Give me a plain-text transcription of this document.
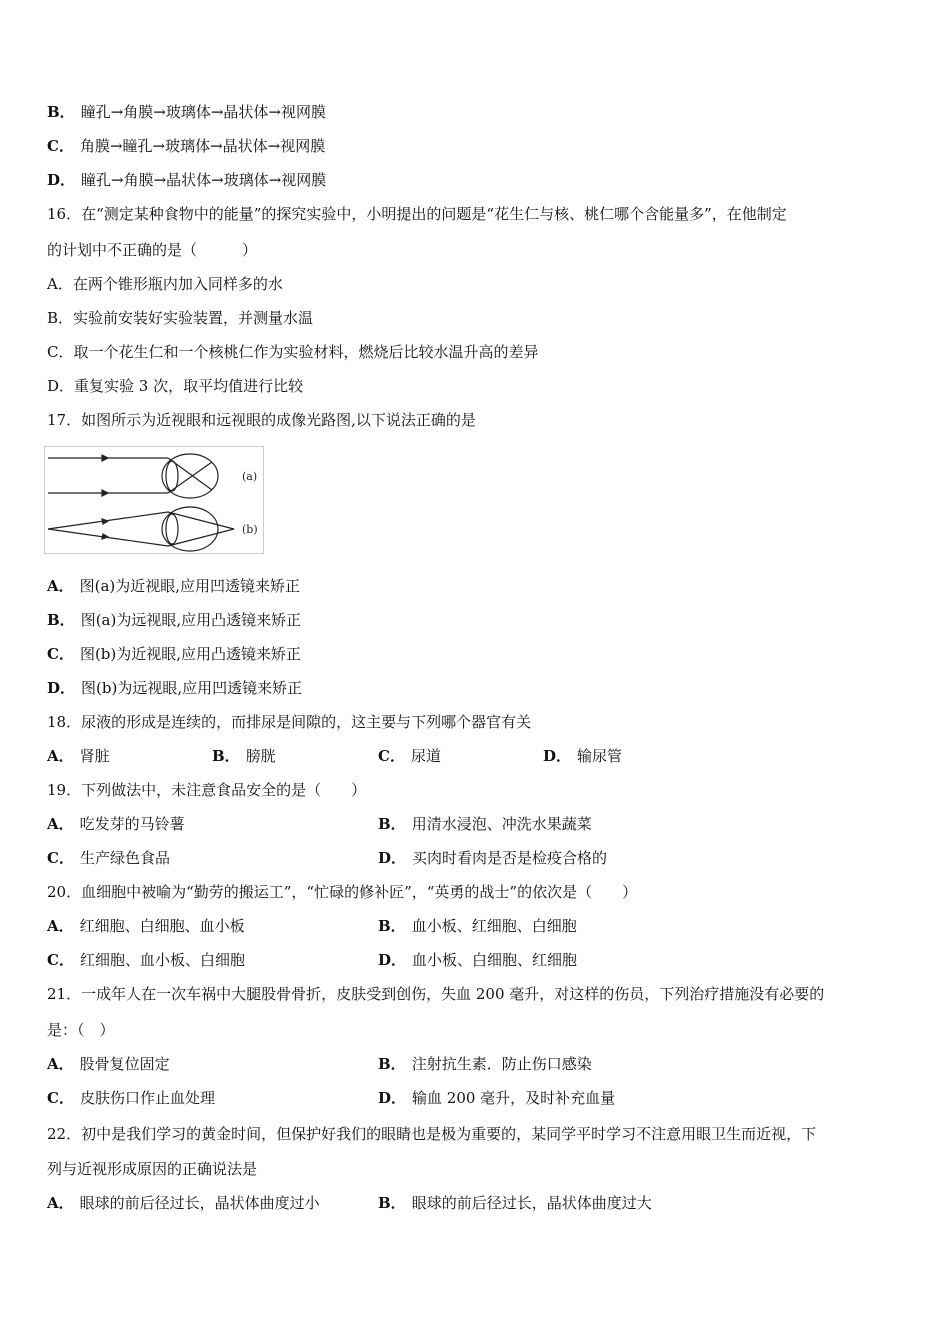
B． 瞳孔→角膜→玻璃体→晶状体→视网膜
C． 角膜→瞳孔→玻璃体→晶状体→视网膜
D． 瞳孔→角膜→晶状体→玻璃体→视网膜
16．在“测定某种食物中的能量”的探究实验中，小明提出的问题是“花生仁与核、桃仁哪个含能量多”，在他制定
的计划中不正确的是（　　　）
A．在两个锥形瓶内加入同样多的水
B．实验前安装好实验装置，并测量水温
C．取一个花生仁和一个核桃仁作为实验材料，燃烧后比较水温升高的差异
D．重复实验 3 次，取平均值进行比较
17．如图所示为近视眼和远视眼的成像光路图,以下说法正确的是
(a)
(b)
A． 图(a)为近视眼,应用凹透镜来矫正
B． 图(a)为远视眼,应用凸透镜来矫正
C． 图(b)为近视眼,应用凸透镜来矫正
D． 图(b)为远视眼,应用凹透镜来矫正
18．尿液的形成是连续的，而排尿是间隙的，这主要与下列哪个器官有关
A． 肾脏	B． 膀胱	C． 尿道	D． 输尿管
19．下列做法中，未注意食品安全的是（　　）
A． 吃发芽的马铃薯	B． 用清水浸泡、冲洗水果蔬菜
C． 生产绿色食品	D． 买肉时看肉是否是检疫合格的
20．血细胞中被喻为“勤劳的搬运工”，“忙碌的修补匠”，“英勇的战士”的依次是（　　）
A． 红细胞、白细胞、血小板	B． 血小板、红细胞、白细胞
C． 红细胞、血小板、白细胞	D． 血小板、白细胞、红细胞
21．一成年人在一次车祸中大腿股骨骨折，皮肤受到创伤，失血 200 毫升，对这样的伤员，下列治疗措施没有必要的
是：（　）
A． 股骨复位固定	B． 注射抗生素．防止伤口感染
C． 皮肤伤口作止血处理	D． 输血 200 毫升，及时补充血量
22．初中是我们学习的黄金时间，但保护好我们的眼睛也是极为重要的，某同学平时学习不注意用眼卫生而近视，下
列与近视形成原因的正确说法是
A． 眼球的前后径过长，晶状体曲度过小	B． 眼球的前后径过长，晶状体曲度过大
